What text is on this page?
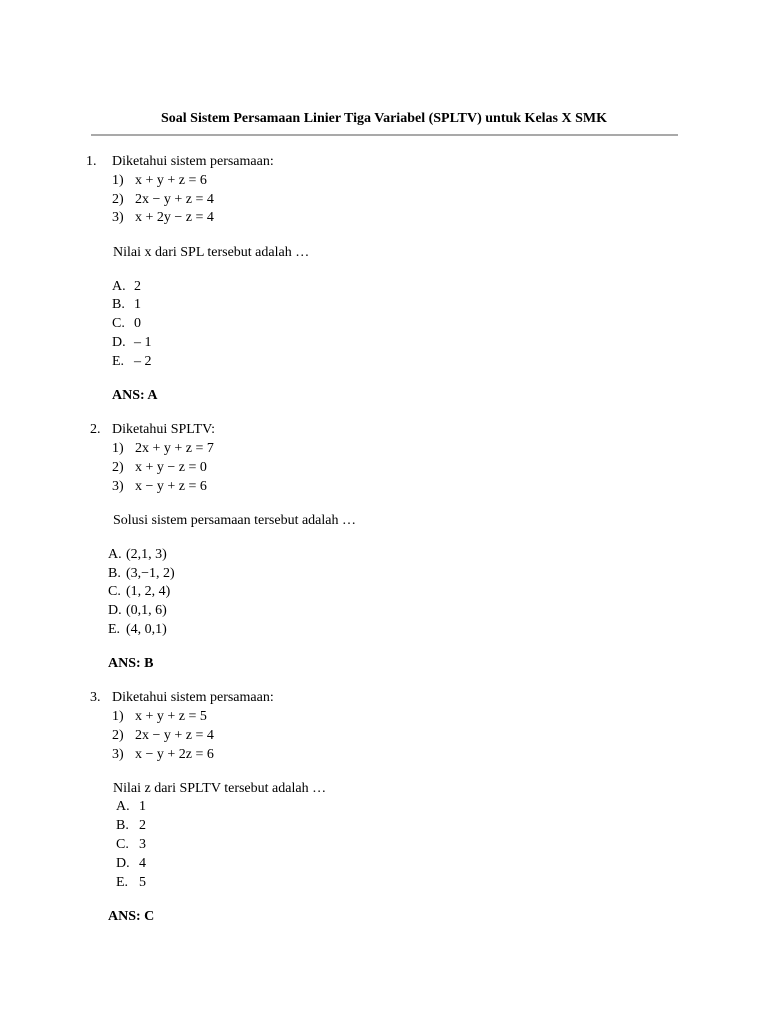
Soal Sistem Persamaan Linier Tiga Variabel (SPLTV) untuk Kelas X SMK
1. Diketahui sistem persamaan:
1) x + y + z = 6
2) 2x − y + z = 4
3) x + 2y − z = 4
Nilai x dari SPL tersebut adalah …
A. 2
B. 1
C. 0
D. – 1
E. – 2
ANS: A
2. Diketahui SPLTV:
1) 2x + y + z = 7
2) x + y − z = 0
3) x − y + z = 6
Solusi sistem persamaan tersebut adalah …
A. (2,1, 3)
B. (3,−1, 2)
C. (1, 2, 4)
D. (0,1, 6)
E. (4, 0,1)
ANS: B
3. Diketahui sistem persamaan:
1) x + y + z = 5
2) 2x − y + z = 4
3) x − y + 2z = 6
Nilai z dari SPLTV tersebut adalah …
A. 1
B. 2
C. 3
D. 4
E. 5
ANS: C
